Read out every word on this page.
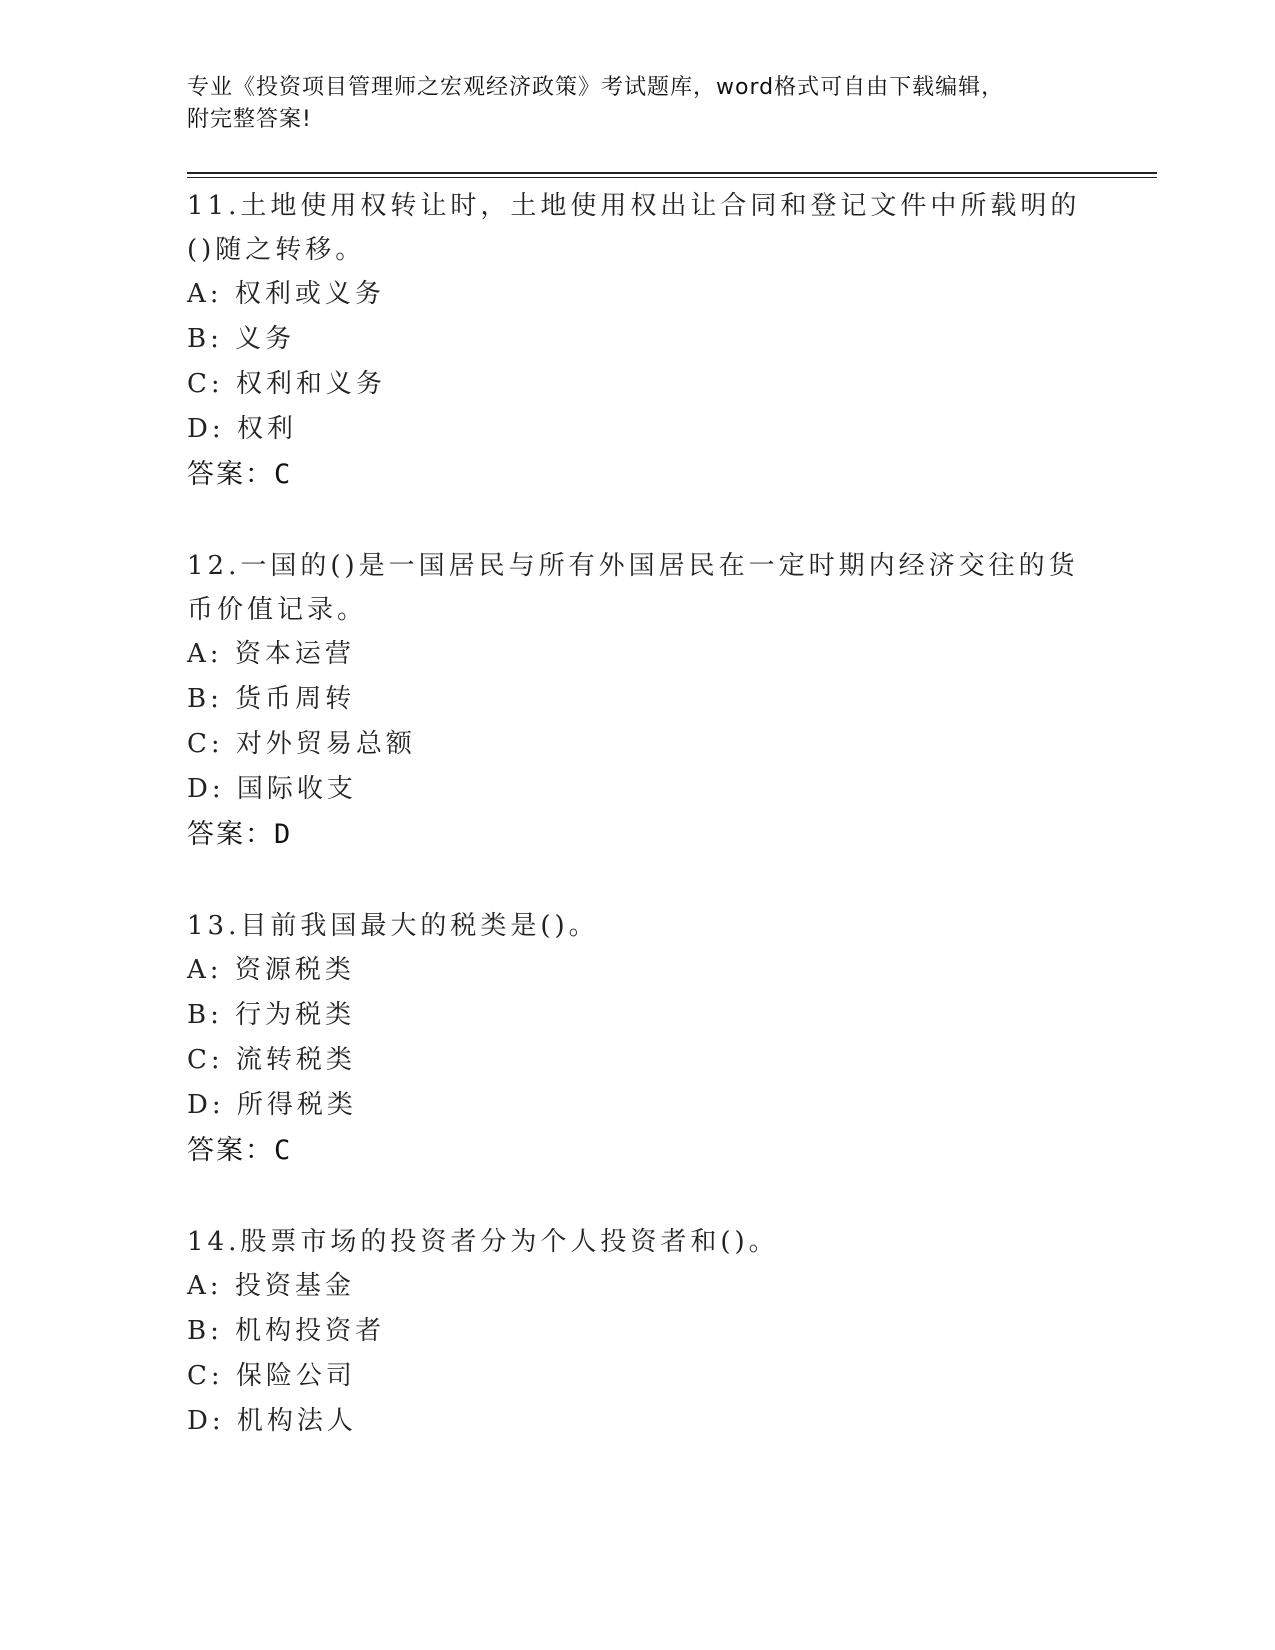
专业《投资项目管理师之宏观经济政策》考试题库，word格式可自由下载编辑，
附完整答案!
11.土地使用权转让时，土地使用权出让合同和登记文件中所载明的()随之转移。
A: 权利或义务
B: 义务
C: 权利和义务
D: 权利
答案：C
12.一国的()是一国居民与所有外国居民在一定时期内经济交往的货币价值记录。
A: 资本运营
B: 货币周转
C: 对外贸易总额
D: 国际收支
答案：D
13.目前我国最大的税类是()。
A: 资源税类
B: 行为税类
C: 流转税类
D: 所得税类
答案：C
14.股票市场的投资者分为个人投资者和()。
A: 投资基金
B: 机构投资者
C: 保险公司
D: 机构法人
